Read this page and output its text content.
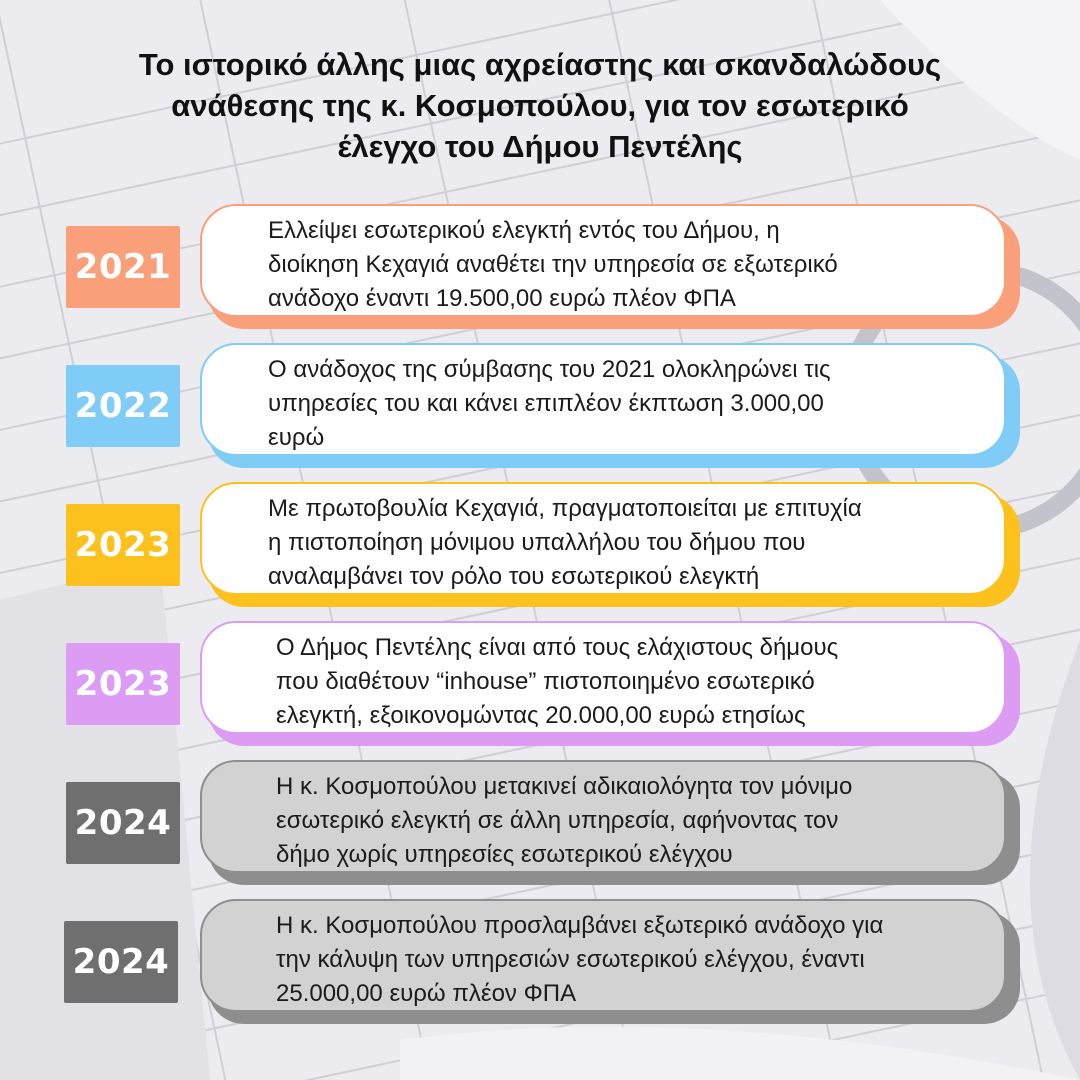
Το ιστορικό άλλης μιας αχρείαστης και σκανδαλώδους
ανάθεσης της κ. Κοσμοπούλου, για τον εσωτερικό
έλεγχο του Δήμου Πεντέλης
2021
Ελλείψει εσωτερικού ελεγκτή εντός του Δήμου, η
διοίκηση Κεχαγιά αναθέτει την υπηρεσία σε εξωτερικό
ανάδοχο έναντι 19.500,00 ευρώ πλέον ΦΠΑ
2022
Ο ανάδοχος της σύμβασης του 2021 ολοκληρώνει τις
υπηρεσίες του και κάνει επιπλέον έκπτωση 3.000,00
ευρώ
2023
Με πρωτοβουλία Κεχαγιά, πραγματοποιείται με επιτυχία
η πιστοποίηση μόνιμου υπαλλήλου του δήμου που
αναλαμβάνει τον ρόλο του εσωτερικού ελεγκτή
2023
Ο Δήμος Πεντέλης είναι από τους ελάχιστους δήμους
που διαθέτουν “inhouse” πιστοποιημένο εσωτερικό
ελεγκτή, εξοικονομώντας 20.000,00 ευρώ ετησίως
2024
Η κ. Κοσμοπούλου μετακινεί αδικαιολόγητα τον μόνιμο
εσωτερικό ελεγκτή σε άλλη υπηρεσία, αφήνοντας τον
δήμο χωρίς υπηρεσίες εσωτερικού ελέγχου
2024
Η κ. Κοσμοπούλου προσλαμβάνει εξωτερικό ανάδοχο για
την κάλυψη των υπηρεσιών εσωτερικού ελέγχου, έναντι
25.000,00 ευρώ πλέον ΦΠΑ
